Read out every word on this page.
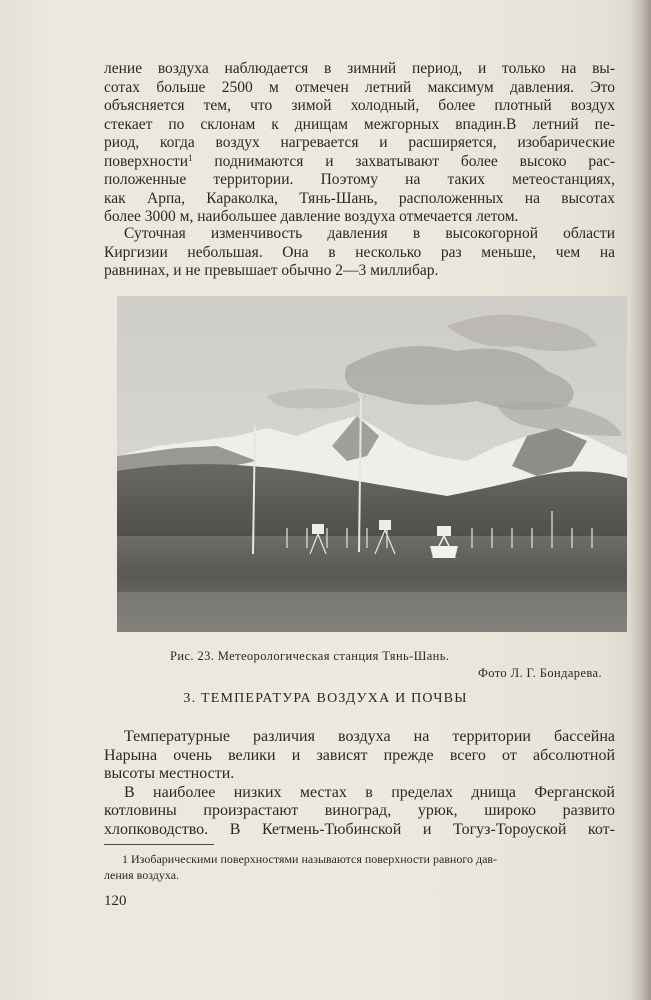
ление воздуха наблюдается в зимний период, и только на вы-
сотах больше 2500 м отмечен летний максимум давления. Это
объясняется тем, что зимой холодный, более плотный воздух
стекает по склонам к днищам межгорных впадин.В летний пе-
риод, когда воздух нагревается и расширяется, изобарические
поверхности$^1$ поднимаются и захватывают более высоко рас-
положенные территории. Поэтому на таких метеостанциях,
как Арпа, Караколка, Тянь-Шань, расположенных на высотах
более 3000 м, наибольшее давление воздуха отмечается летом.

Суточная изменчивость давления в высокогорной области
Киргизии небольшая. Она в несколько раз меньше, чем на
равнинах, и не превышает обычно 2—3 миллибар.

Рис. 23. Метеорологическая станция Тянь-Шань.
Фото Л. Г. Бондарева.
3. ТЕМПЕРАТУРА ВОЗДУХА И ПОЧВЫ

Температурные различия воздуха на территории бассейна
Нарына очень велики и зависят прежде всего от абсолютной
высоты местности.
В наиболее низких местах в пределах днища Ферганской
котловины произрастают виноград, урюк, широко развито
хлопководство. В Кетмень-Тюбинской и Тогуз-Тороуской кот-

1 Изобарическими поверхностями называются поверхности равного дав-
ления воздуха.
120
